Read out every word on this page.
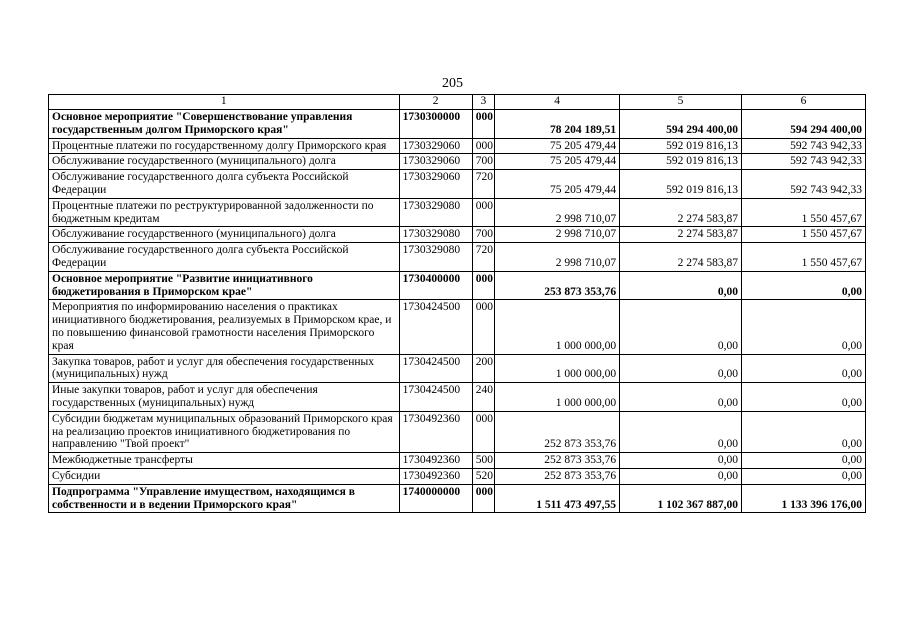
205
1	2	3	4	5	6
Основное мероприятие "Совершенствование управления государственным долгом Приморского края"	1730300000	000	78 204 189,51	594 294 400,00	594 294 400,00
Процентные платежи по государственному долгу Приморского края	1730329060	000	75 205 479,44	592 019 816,13	592 743 942,33
Обслуживание государственного (муниципального) долга	1730329060	700	75 205 479,44	592 019 816,13	592 743 942,33
Обслуживание государственного долга субъекта Российской Федерации	1730329060	720	75 205 479,44	592 019 816,13	592 743 942,33
Процентные платежи по реструктурированной задолженности по бюджетным кредитам	1730329080	000	2 998 710,07	2 274 583,87	1 550 457,67
Обслуживание государственного (муниципального) долга	1730329080	700	2 998 710,07	2 274 583,87	1 550 457,67
Обслуживание государственного долга субъекта Российской Федерации	1730329080	720	2 998 710,07	2 274 583,87	1 550 457,67
Основное мероприятие "Развитие инициативного бюджетирования в Приморском крае"	1730400000	000	253 873 353,76	0,00	0,00
Мероприятия по информированию населения о практиках инициативного бюджетирования, реализуемых в Приморском крае, и по повышению финансовой грамотности населения Приморского края	1730424500	000	1 000 000,00	0,00	0,00
Закупка товаров, работ и услуг для обеспечения государственных (муниципальных) нужд	1730424500	200	1 000 000,00	0,00	0,00
Иные закупки товаров, работ и услуг для обеспечения государственных (муниципальных) нужд	1730424500	240	1 000 000,00	0,00	0,00
Субсидии бюджетам муниципальных образований Приморского края на реализацию проектов инициативного бюджетирования по направлению "Твой проект"	1730492360	000	252 873 353,76	0,00	0,00
Межбюджетные трансферты	1730492360	500	252 873 353,76	0,00	0,00
Субсидии	1730492360	520	252 873 353,76	0,00	0,00
Подпрограмма "Управление имуществом, находящимся в собственности и в ведении Приморского края"	1740000000	000	1 511 473 497,55	1 102 367 887,00	1 133 396 176,00
